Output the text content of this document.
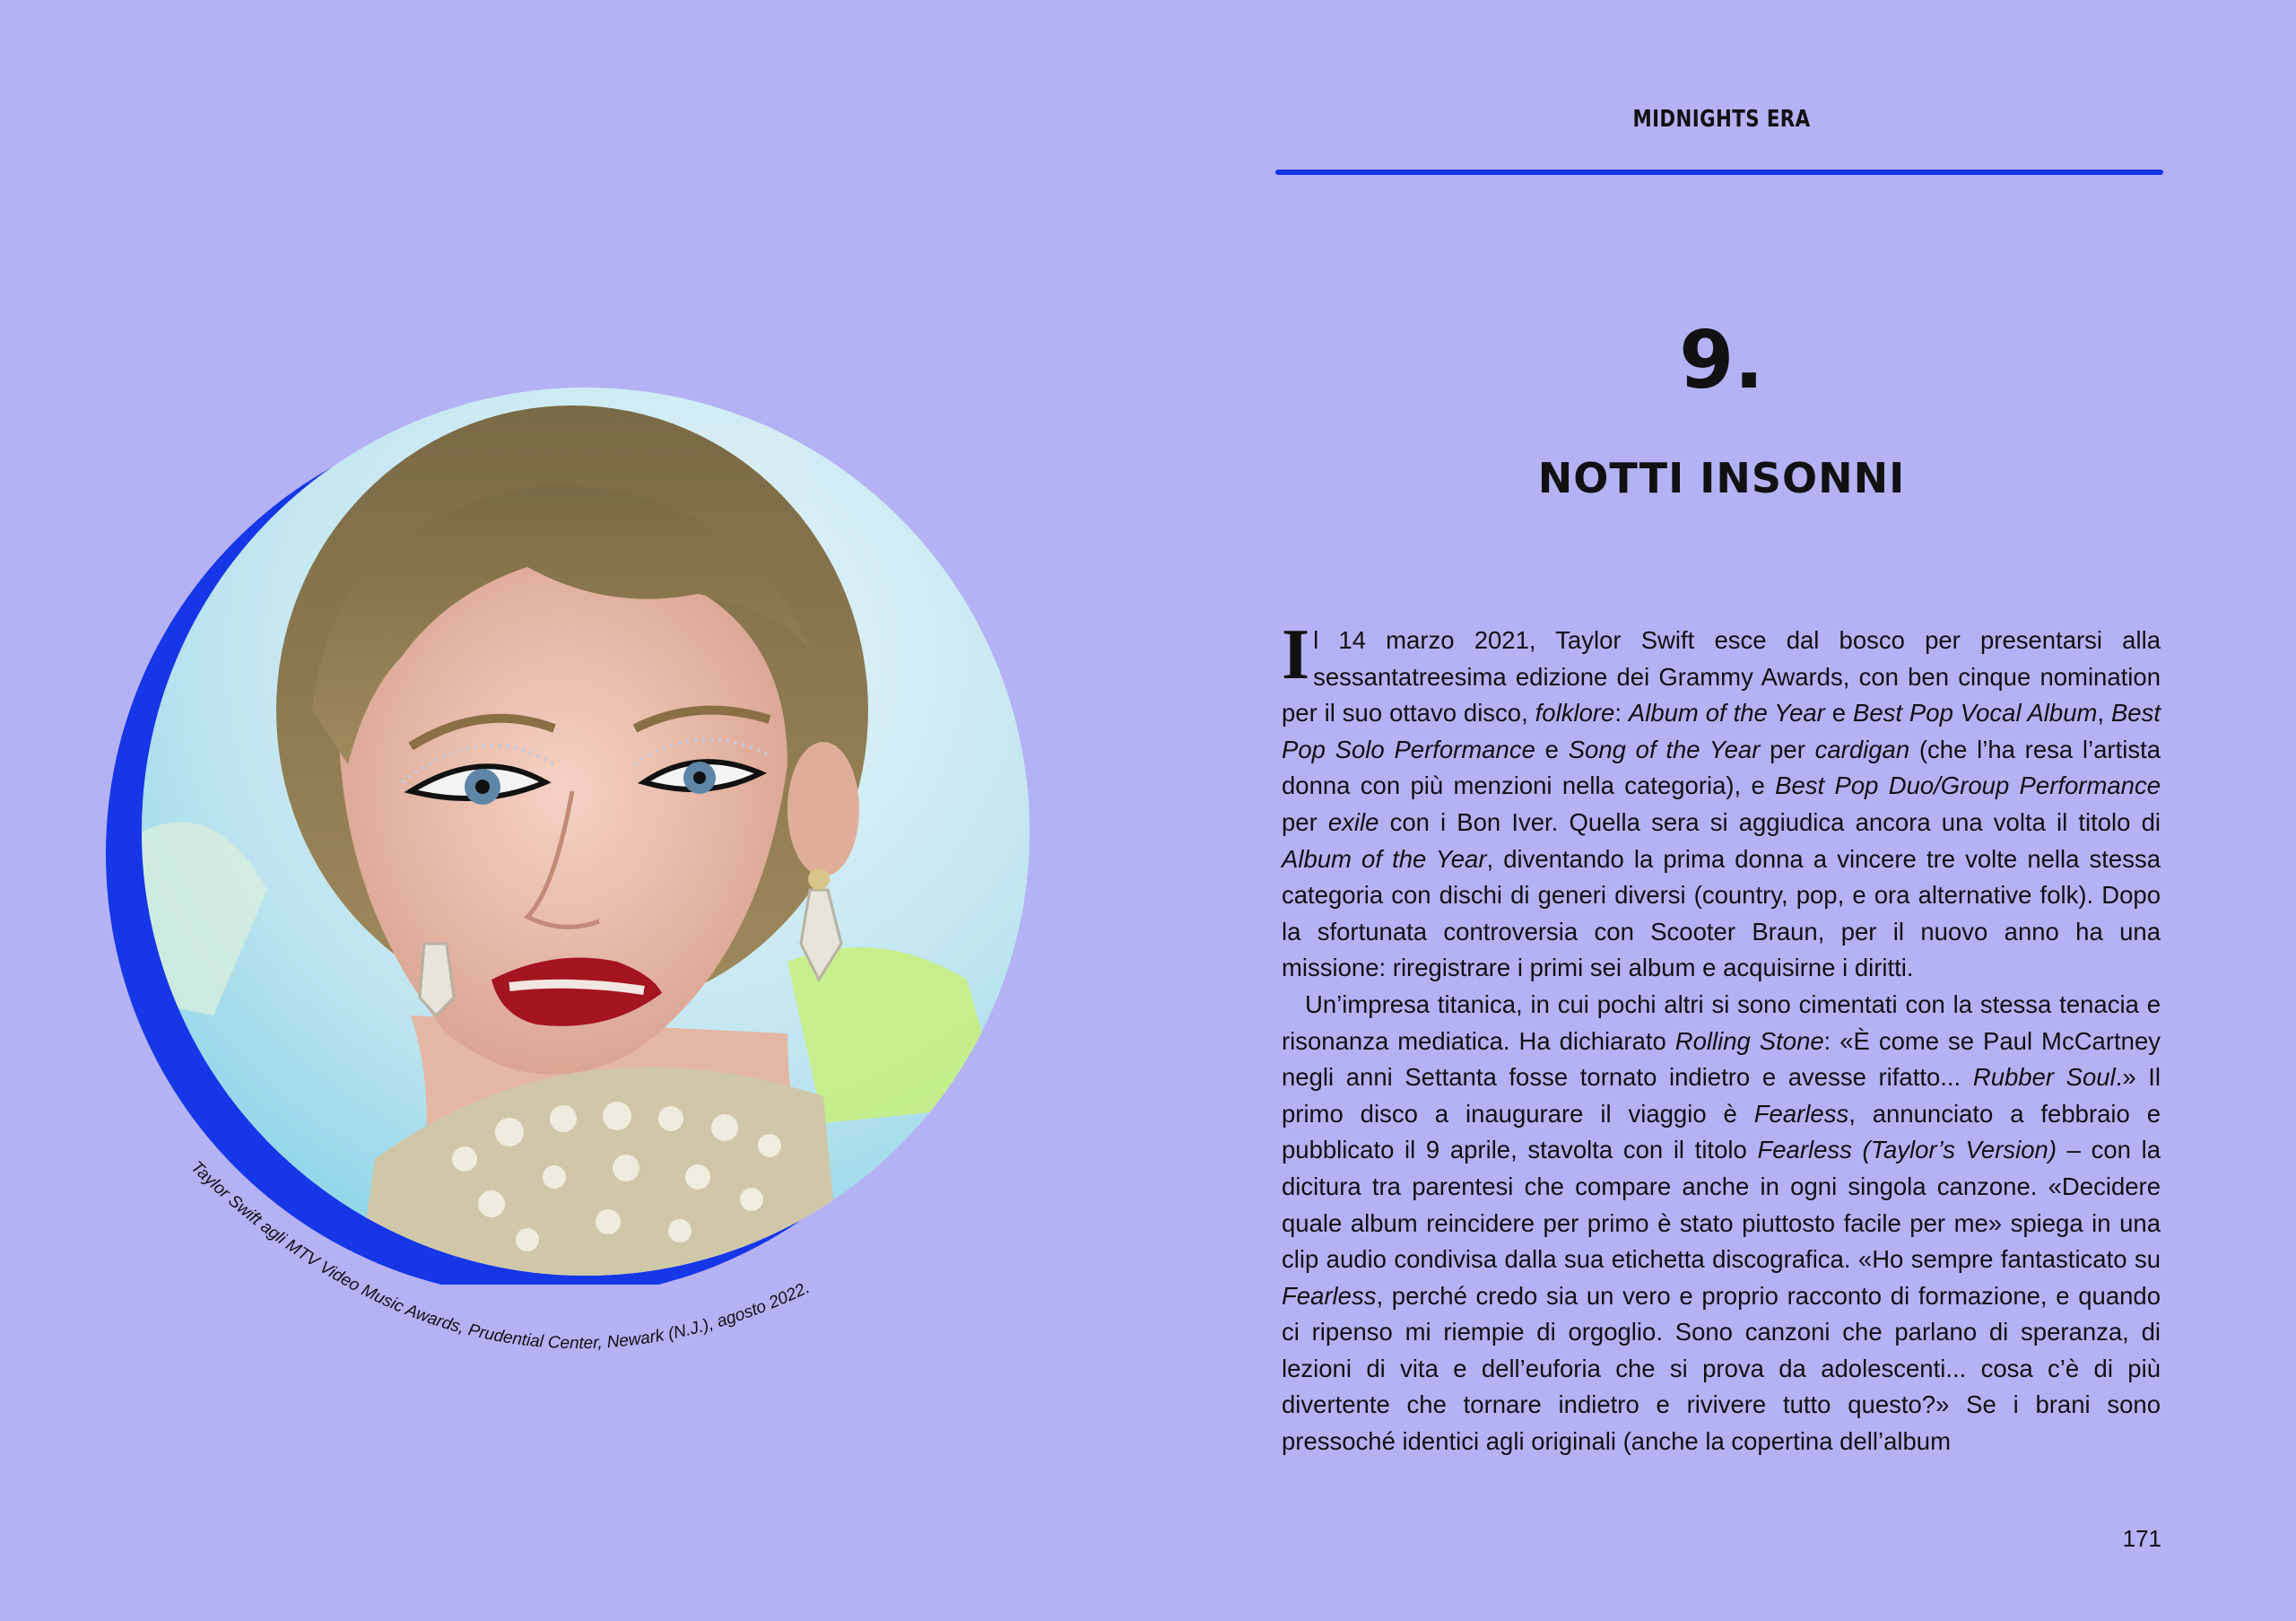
Taylor Swift agli MTV Video Music Awards, Prudential Center, Newark (N.J.), agosto 2022.
MIDNIGHTS ERA
9.
NOTTI INSONNI

Il 14 marzo 2021, Taylor Swift esce dal bosco per presentarsi alla sessantatreesima edizione dei Grammy Awards, con ben cinque nomination per il suo ottavo disco, folklore: Album of the Year e Best Pop Vocal Album, Best Pop Solo Performance e Song of the Year per cardigan (che l’ha resa l’artista donna con più menzioni nella categoria), e Best Pop Duo/Group Performance per exile con i Bon Iver. Quella sera si aggiudica ancora una volta il titolo di Album of the Year, diventando la prima donna a vincere tre volte nella stessa categoria con dischi di generi diversi (country, pop, e ora alternative folk). Dopo la sfortunata controversia con Scooter Braun, per il nuovo anno ha una missione: riregistrare i primi sei album e acquisirne i diritti.

Un’impresa titanica, in cui pochi altri si sono cimentati con la stessa tenacia e risonanza mediatica. Ha dichiarato Rolling Stone: «È come se Paul McCartney negli anni Settanta fosse tornato indietro e avesse rifatto... Rubber Soul.» Il primo disco a inaugurare il viaggio è Fearless, annunciato a febbraio e pubblicato il 9 aprile, stavolta con il titolo Fearless (Taylor’s Version) – con la dicitura tra parentesi che compare anche in ogni singola canzone. «Decidere quale album reincidere per primo è stato piuttosto facile per me» spiega in una clip audio condivisa dalla sua etichetta discografica. «Ho sempre fantasticato su Fearless, perché credo sia un vero e proprio racconto di formazione, e quando ci ripenso mi riempie di orgoglio. Sono canzoni che parlano di speranza, di lezioni di vita e dell’euforia che si prova da adolescenti... cosa c’è di più divertente che tornare indietro e rivivere tutto questo?» Se i brani sono pressoché identici agli originali (anche la copertina dell’album

171
